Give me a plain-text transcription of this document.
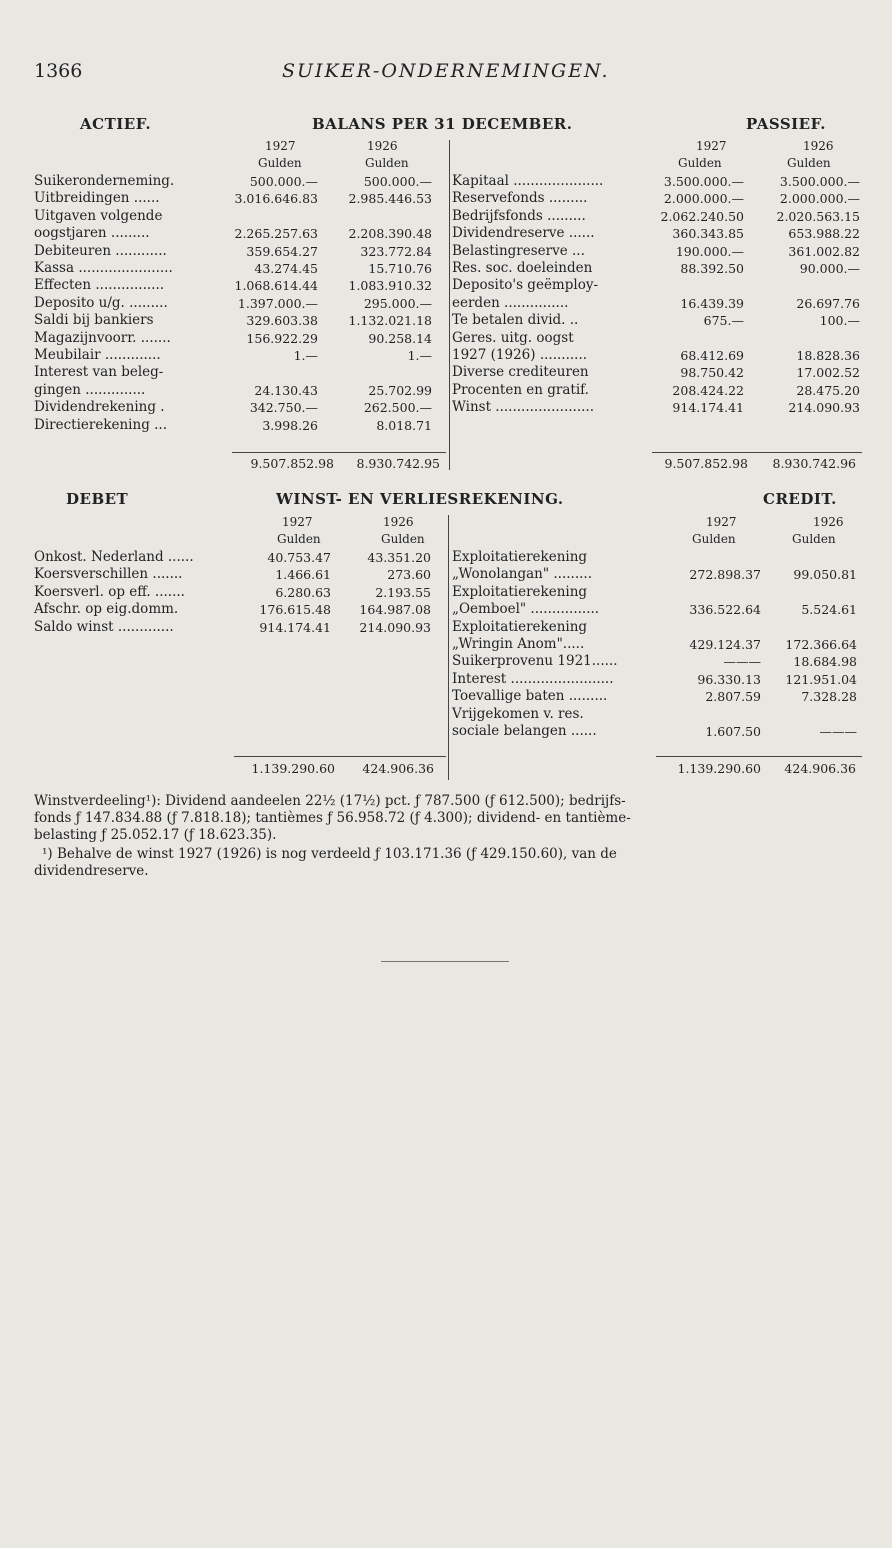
1366	SUIKER-ONDERNEMINGEN.
ACTIEF.	BALANS PER 31 DECEMBER.	PASSIEF.
1927	1926
Gulden	Gulden
1927	1926
Gulden	Gulden
Suikeronderneming.	500.000.—	500.000.—
Uitbreidingen ......	3.016.646.83	2.985.446.53
Uitgaven volgende
oogstjaren .........	2.265.257.63	2.208.390.48
Debiteuren ............	359.654.27	323.772.84
Kassa ......................	43.274.45	15.710.76
Effecten ................	1.068.614.44	1.083.910.32
Deposito u/g. .........	1.397.000.—	295.000.—
Saldi bij bankiers	329.603.38	1.132.021.18
Magazijnvoorr. .......	156.922.29	90.258.14
Meubilair .............	1.—	1.—
Interest van beleg-
gingen ..............	24.130.43	25.702.99
Dividendrekening .	342.750.—	262.500.—
Directierekening ...	3.998.26	8.018.71
Kapitaal .....................	3.500.000.—	3.500.000.—
Reservefonds .........	2.000.000.—	2.000.000.—
Bedrijfsfonds .........	2.062.240.50	2.020.563.15
Dividendreserve ......	360.343.85	653.988.22
Belastingreserve ...	190.000.—	361.002.82
Res. soc. doeleinden	88.392.50	90.000.—
Deposito's geëmploy-
eerden ...............	16.439.39	26.697.76
Te betalen divid. ..	675.—	100.—
Geres. uitg. oogst
1927 (1926) ...........	68.412.69	18.828.36
Diverse crediteuren	98.750.42	17.002.52
Procenten en gratif.	208.424.22	28.475.20
Winst .......................	914.174.41	214.090.93
9.507.852.98	8.930.742.95	9.507.852.98	8.930.742.96
DEBET	WINST- EN VERLIESREKENING.	CREDIT.
1927	1926
Gulden	Gulden
1927	1926
Gulden	Gulden
Onkost. Nederland ......	40.753.47	43.351.20
Koersverschillen .......	1.466.61	273.60
Koersverl. op eff. .......	6.280.63	2.193.55
Afschr. op eig.domm.	176.615.48	164.987.08
Saldo winst .............	914.174.41	214.090.93
Exploitatierekening
„Wonolangan" .........	272.898.37	99.050.81
Exploitatierekening
„Oemboel" ................	336.522.64	5.524.61
Exploitatierekening
„Wringin Anom".....	429.124.37	172.366.64
Suikerprovenu 1921......	———	18.684.98
Interest ........................	96.330.13	121.951.04
Toevallige baten .........	2.807.59	7.328.28
Vrijgekomen v. res.
sociale belangen ......	1.607.50	———
1.139.290.60	424.906.36	1.139.290.60	424.906.36
Winstverdeeling¹): Dividend aandeelen 22½ (17½) pct. ƒ 787.500 (ƒ 612.500); bedrijfs-
fonds ƒ 147.834.88 (ƒ 7.818.18); tantièmes ƒ 56.958.72 (ƒ 4.300); dividend- en tantième-
belasting ƒ 25.052.17 (ƒ 18.623.35).
¹) Behalve de winst 1927 (1926) is nog verdeeld ƒ 103.171.36 (ƒ 429.150.60), van de
dividendreserve.
